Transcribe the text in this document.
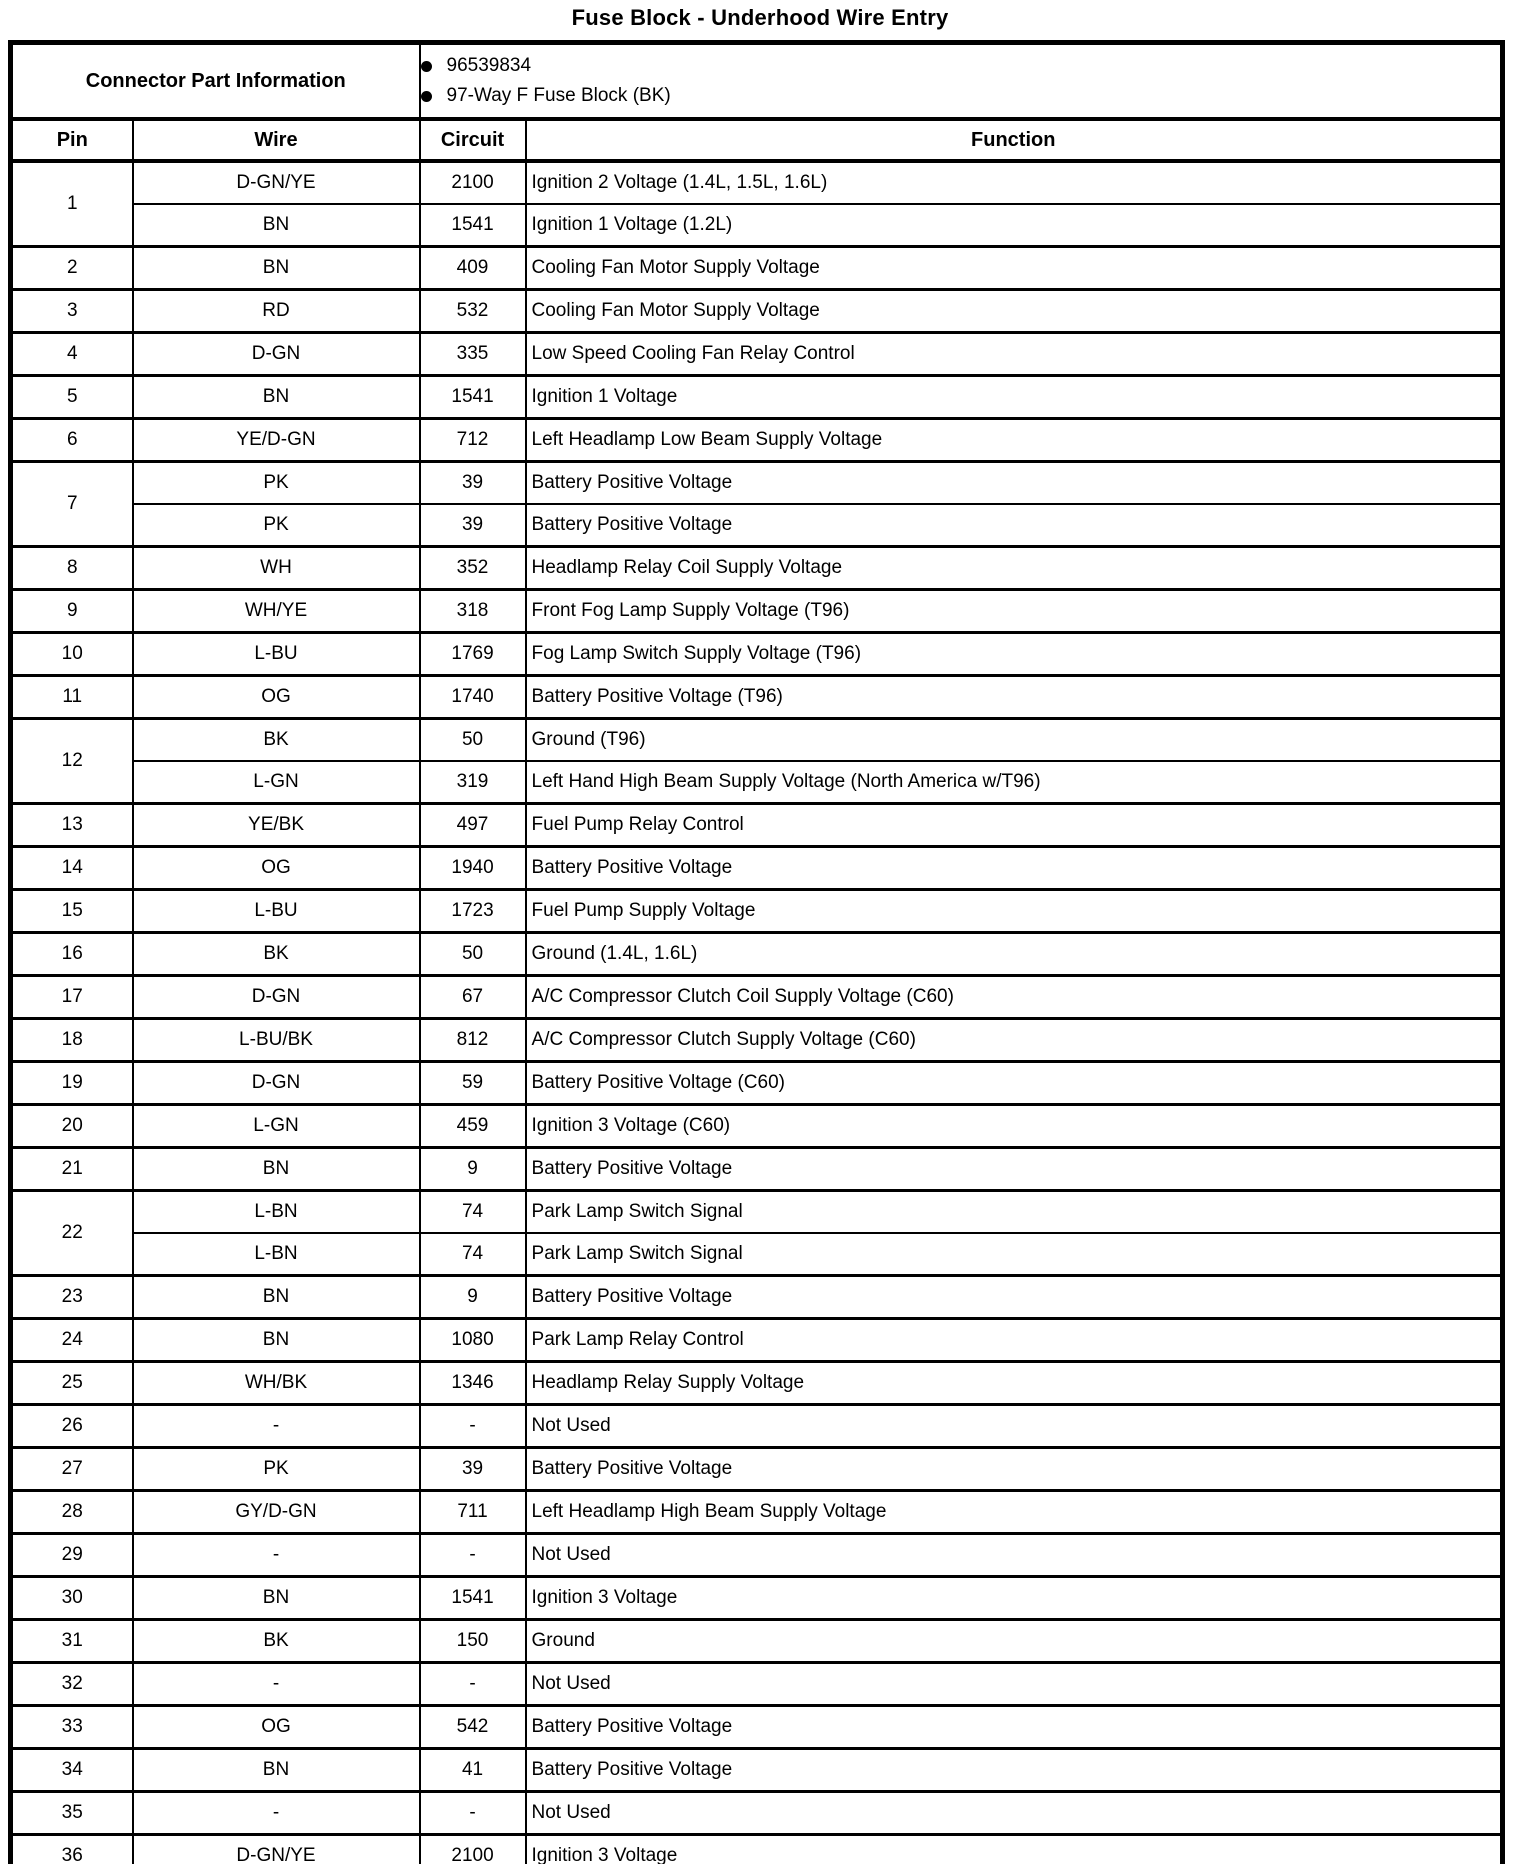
Fuse Block - Underhood Wire Entry
Connector Part Information		96539834
97-Way F Fuse Block (BK)	

Pin	Wire	Circuit	Function
1	D-GN/YE	2100	Ignition 2 Voltage (1.4L, 1.5L, 1.6L)
	BN	1541	Ignition 1 Voltage (1.2L)
2	BN	409	Cooling Fan Motor Supply Voltage
3	RD	532	Cooling Fan Motor Supply Voltage
4	D-GN	335	Low Speed Cooling Fan Relay Control
5	BN	1541	Ignition 1 Voltage
6	YE/D-GN	712	Left Headlamp Low Beam Supply Voltage
7	PK	39	Battery Positive Voltage
	PK	39	Battery Positive Voltage
8	WH	352	Headlamp Relay Coil Supply Voltage
9	WH/YE	318	Front Fog Lamp Supply Voltage (T96)
10	L-BU	1769	Fog Lamp Switch Supply Voltage (T96)
11	OG	1740	Battery Positive Voltage (T96)
12	BK	50	Ground (T96)
	L-GN	319	Left Hand High Beam Supply Voltage (North America w/T96)
13	YE/BK	497	Fuel Pump Relay Control
14	OG	1940	Battery Positive Voltage
15	L-BU	1723	Fuel Pump Supply Voltage
16	BK	50	Ground (1.4L, 1.6L)
17	D-GN	67	A/C Compressor Clutch Coil Supply Voltage (C60)
18	L-BU/BK	812	A/C Compressor Clutch Supply Voltage (C60)
19	D-GN	59	Battery Positive Voltage (C60)
20	L-GN	459	Ignition 3 Voltage (C60)
21	BN	9	Battery Positive Voltage
22	L-BN	74	Park Lamp Switch Signal
	L-BN	74	Park Lamp Switch Signal
23	BN	9	Battery Positive Voltage
24	BN	1080	Park Lamp Relay Control
25	WH/BK	1346	Headlamp Relay Supply Voltage
26	-	-	Not Used
27	PK	39	Battery Positive Voltage
28	GY/D-GN	711	Left Headlamp High Beam Supply Voltage
29	-	-	Not Used
30	BN	1541	Ignition 3 Voltage
31	BK	150	Ground
32	-	-	Not Used
33	OG	542	Battery Positive Voltage
34	BN	41	Battery Positive Voltage
35	-	-	Not Used
36	D-GN/YE	2100	Ignition 3 Voltage
